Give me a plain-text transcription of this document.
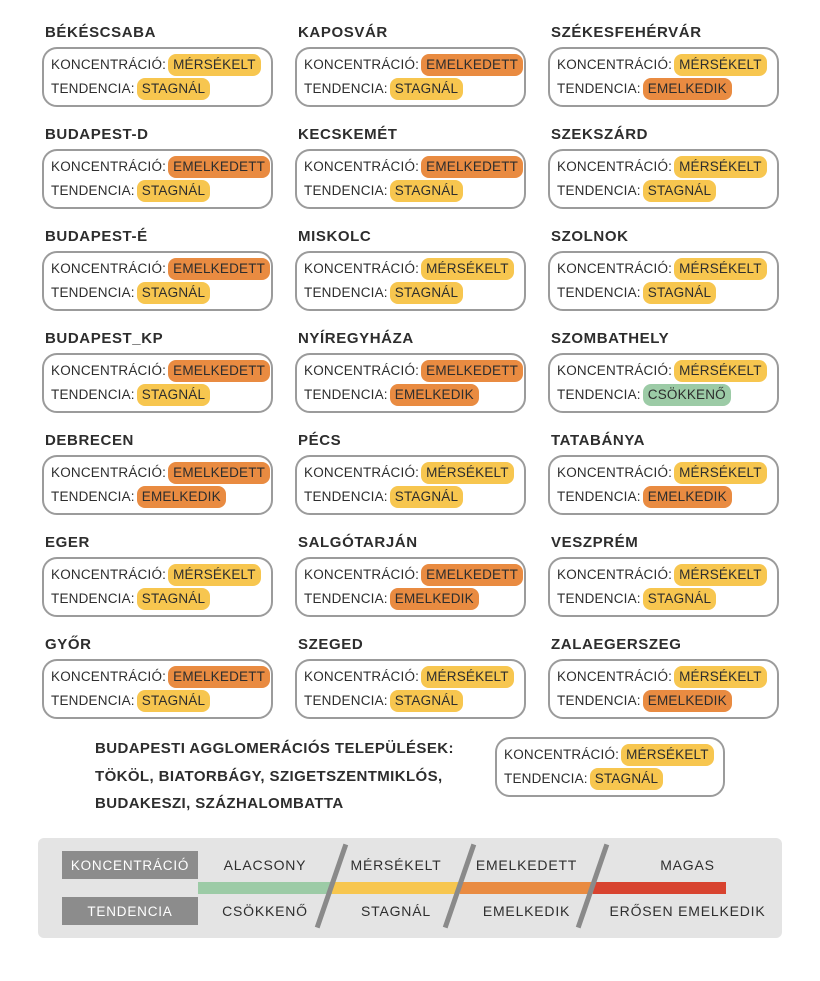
BÉKÉSCSABA
KONCENTRÁCIÓ: MÉRSÉKELT
TENDENCIA: STAGNÁL
KAPOSVÁR
KONCENTRÁCIÓ: EMELKEDETT
TENDENCIA: STAGNÁL
SZÉKESFEHÉRVÁR
KONCENTRÁCIÓ: MÉRSÉKELT
TENDENCIA: EMELKEDIK
BUDAPEST-D
KONCENTRÁCIÓ: EMELKEDETT
TENDENCIA: STAGNÁL
KECSKEMÉT
KONCENTRÁCIÓ: EMELKEDETT
TENDENCIA: STAGNÁL
SZEKSZÁRD
KONCENTRÁCIÓ: MÉRSÉKELT
TENDENCIA: STAGNÁL
BUDAPEST-É
KONCENTRÁCIÓ: EMELKEDETT
TENDENCIA: STAGNÁL
MISKOLC
KONCENTRÁCIÓ: MÉRSÉKELT
TENDENCIA: STAGNÁL
SZOLNOK
KONCENTRÁCIÓ: MÉRSÉKELT
TENDENCIA: STAGNÁL
BUDAPEST_KP
KONCENTRÁCIÓ: EMELKEDETT
TENDENCIA: STAGNÁL
NYÍREGYHÁZA
KONCENTRÁCIÓ: EMELKEDETT
TENDENCIA: EMELKEDIK
SZOMBATHELY
KONCENTRÁCIÓ: MÉRSÉKELT
TENDENCIA: CSÖKKENŐ
DEBRECEN
KONCENTRÁCIÓ: EMELKEDETT
TENDENCIA: EMELKEDIK
PÉCS
KONCENTRÁCIÓ: MÉRSÉKELT
TENDENCIA: STAGNÁL
TATABÁNYA
KONCENTRÁCIÓ: MÉRSÉKELT
TENDENCIA: EMELKEDIK
EGER
KONCENTRÁCIÓ: MÉRSÉKELT
TENDENCIA: STAGNÁL
SALGÓTARJÁN
KONCENTRÁCIÓ: EMELKEDETT
TENDENCIA: EMELKEDIK
VESZPRÉM
KONCENTRÁCIÓ: MÉRSÉKELT
TENDENCIA: STAGNÁL
GYŐR
KONCENTRÁCIÓ: EMELKEDETT
TENDENCIA: STAGNÁL
SZEGED
KONCENTRÁCIÓ: MÉRSÉKELT
TENDENCIA: STAGNÁL
ZALAEGERSZEG
KONCENTRÁCIÓ: MÉRSÉKELT
TENDENCIA: EMELKEDIK
BUDAPESTI AGGLOMERÁCIÓS TELEPÜLÉSEK:
TÖKÖL, BIATORBÁGY, SZIGETSZENTMIKLÓS,
BUDAKESZI, SZÁZHALOMBATTA
KONCENTRÁCIÓ: MÉRSÉKELT
TENDENCIA: STAGNÁL
KONCENTRÁCIÓ	ALACSONY	MÉRSÉKELT	EMELKEDETT	MAGAS
TENDENCIA	CSÖKKENŐ	STAGNÁL	EMELKEDIK	ERŐSEN EMELKEDIK
